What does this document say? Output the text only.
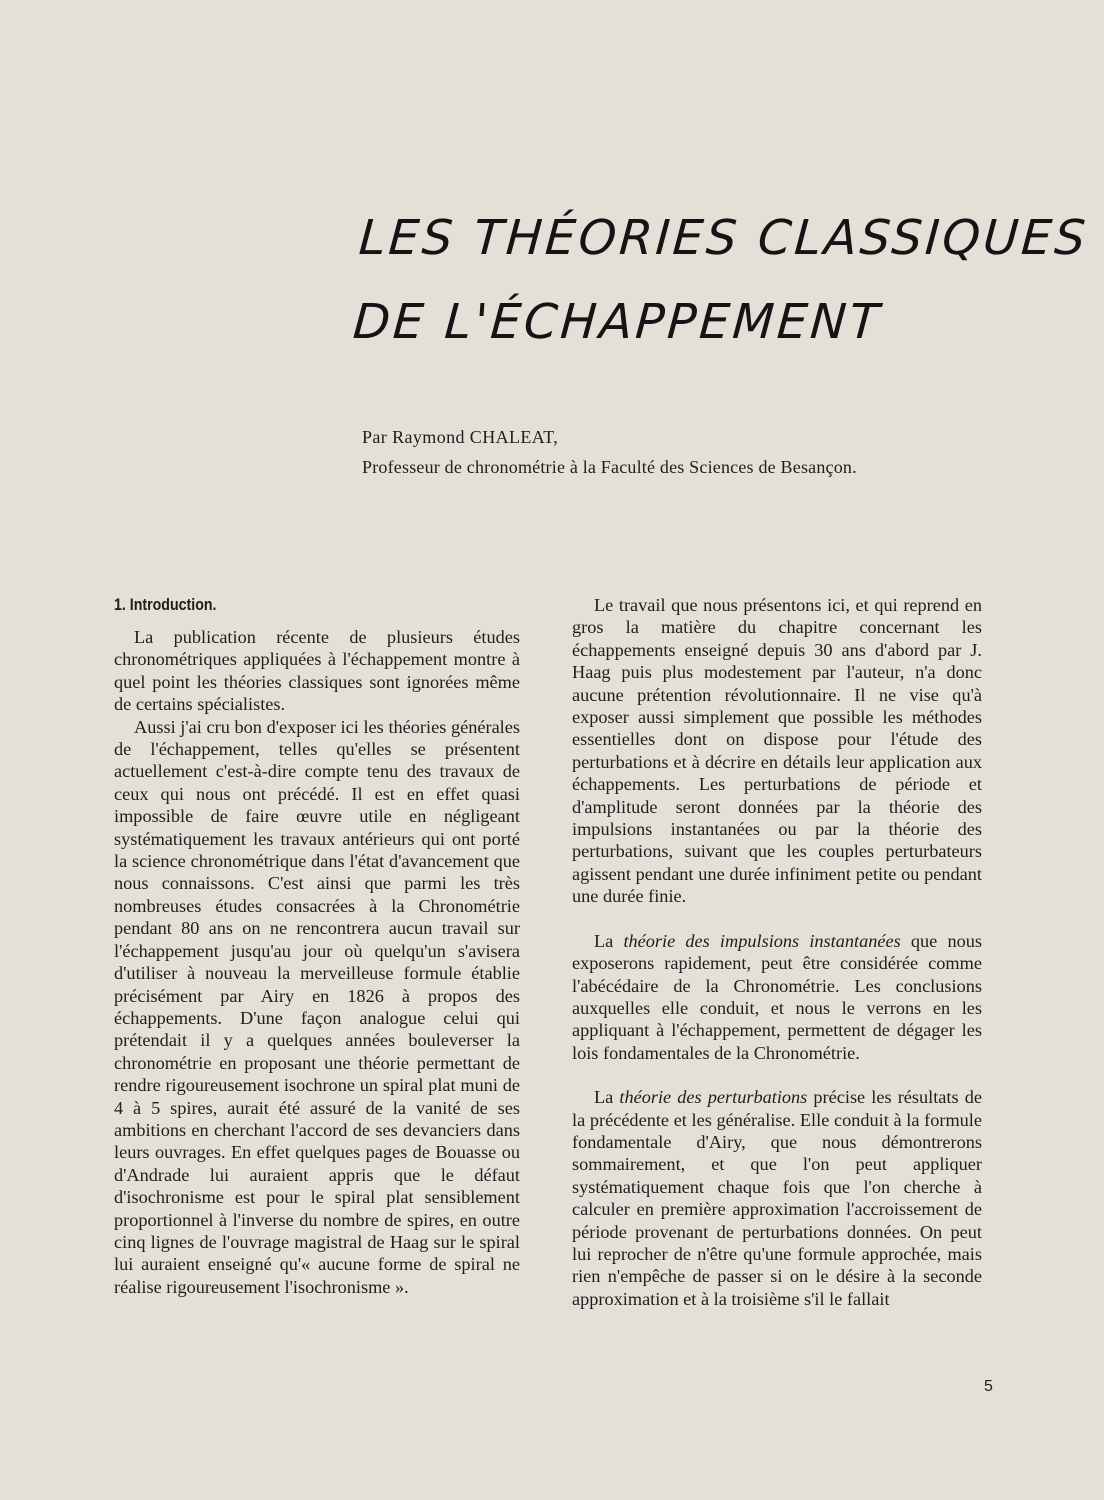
LES THÉORIES CLASSIQUES
DE L'ÉCHAPPEMENT
Par Raymond CHALEAT,
Professeur de chronométrie à la Faculté des Sciences de Besançon.
1. Introduction.

La publication récente de plusieurs études chronométriques appliquées à l'échappement montre à quel point les théories classiques sont ignorées même de certains spécialistes.

Aussi j'ai cru bon d'exposer ici les théories générales de l'échappement, telles qu'elles se présentent actuellement c'est-à-dire compte tenu des travaux de ceux qui nous ont précédé. Il est en effet quasi impossible de faire œuvre utile en négligeant systématiquement les travaux antérieurs qui ont porté la science chronométrique dans l'état d'avancement que nous connaissons. C'est ainsi que parmi les très nombreuses études consacrées à la Chronométrie pendant 80 ans on ne rencontrera aucun travail sur l'échappement jusqu'au jour où quelqu'un s'avisera d'utiliser à nouveau la merveilleuse formule établie précisément par Airy en 1826 à propos des échappements. D'une façon analogue celui qui prétendait il y a quelques années bouleverser la chronométrie en proposant une théorie permettant de rendre rigoureusement isochrone un spiral plat muni de 4 à 5 spires, aurait été assuré de la vanité de ses ambitions en cherchant l'accord de ses devanciers dans leurs ouvrages. En effet quelques pages de Bouasse ou d'Andrade lui auraient appris que le défaut d'isochronisme est pour le spiral plat sensiblement proportionnel à l'inverse du nombre de spires, en outre cinq lignes de l'ouvrage magistral de Haag sur le spiral lui auraient enseigné qu'« aucune forme de spiral ne réalise rigoureusement l'isochronisme ».

Le travail que nous présentons ici, et qui reprend en gros la matière du chapitre concernant les échappements enseigné depuis 30 ans d'abord par J. Haag puis plus modestement par l'auteur, n'a donc aucune prétention révolutionnaire. Il ne vise qu'à exposer aussi simplement que possible les méthodes essentielles dont on dispose pour l'étude des perturbations et à décrire en détails leur application aux échappements. Les perturbations de période et d'amplitude seront données par la théorie des impulsions instantanées ou par la théorie des perturbations, suivant que les couples perturbateurs agissent pendant une durée infiniment petite ou pendant une durée finie.

La théorie des impulsions instantanées que nous exposerons rapidement, peut être considérée comme l'abécédaire de la Chronométrie. Les conclusions auxquelles elle conduit, et nous le verrons en les appliquant à l'échappement, permettent de dégager les lois fondamentales de la Chronométrie.

La théorie des perturbations précise les résultats de la précédente et les généralise. Elle conduit à la formule fondamentale d'Airy, que nous démontrerons sommairement, et que l'on peut appliquer systématiquement chaque fois que l'on cherche à calculer en première approximation l'accroissement de période provenant de perturbations données. On peut lui reprocher de n'être qu'une formule approchée, mais rien n'empêche de passer si on le désire à la seconde approximation et à la troisième s'il le fallait

5
